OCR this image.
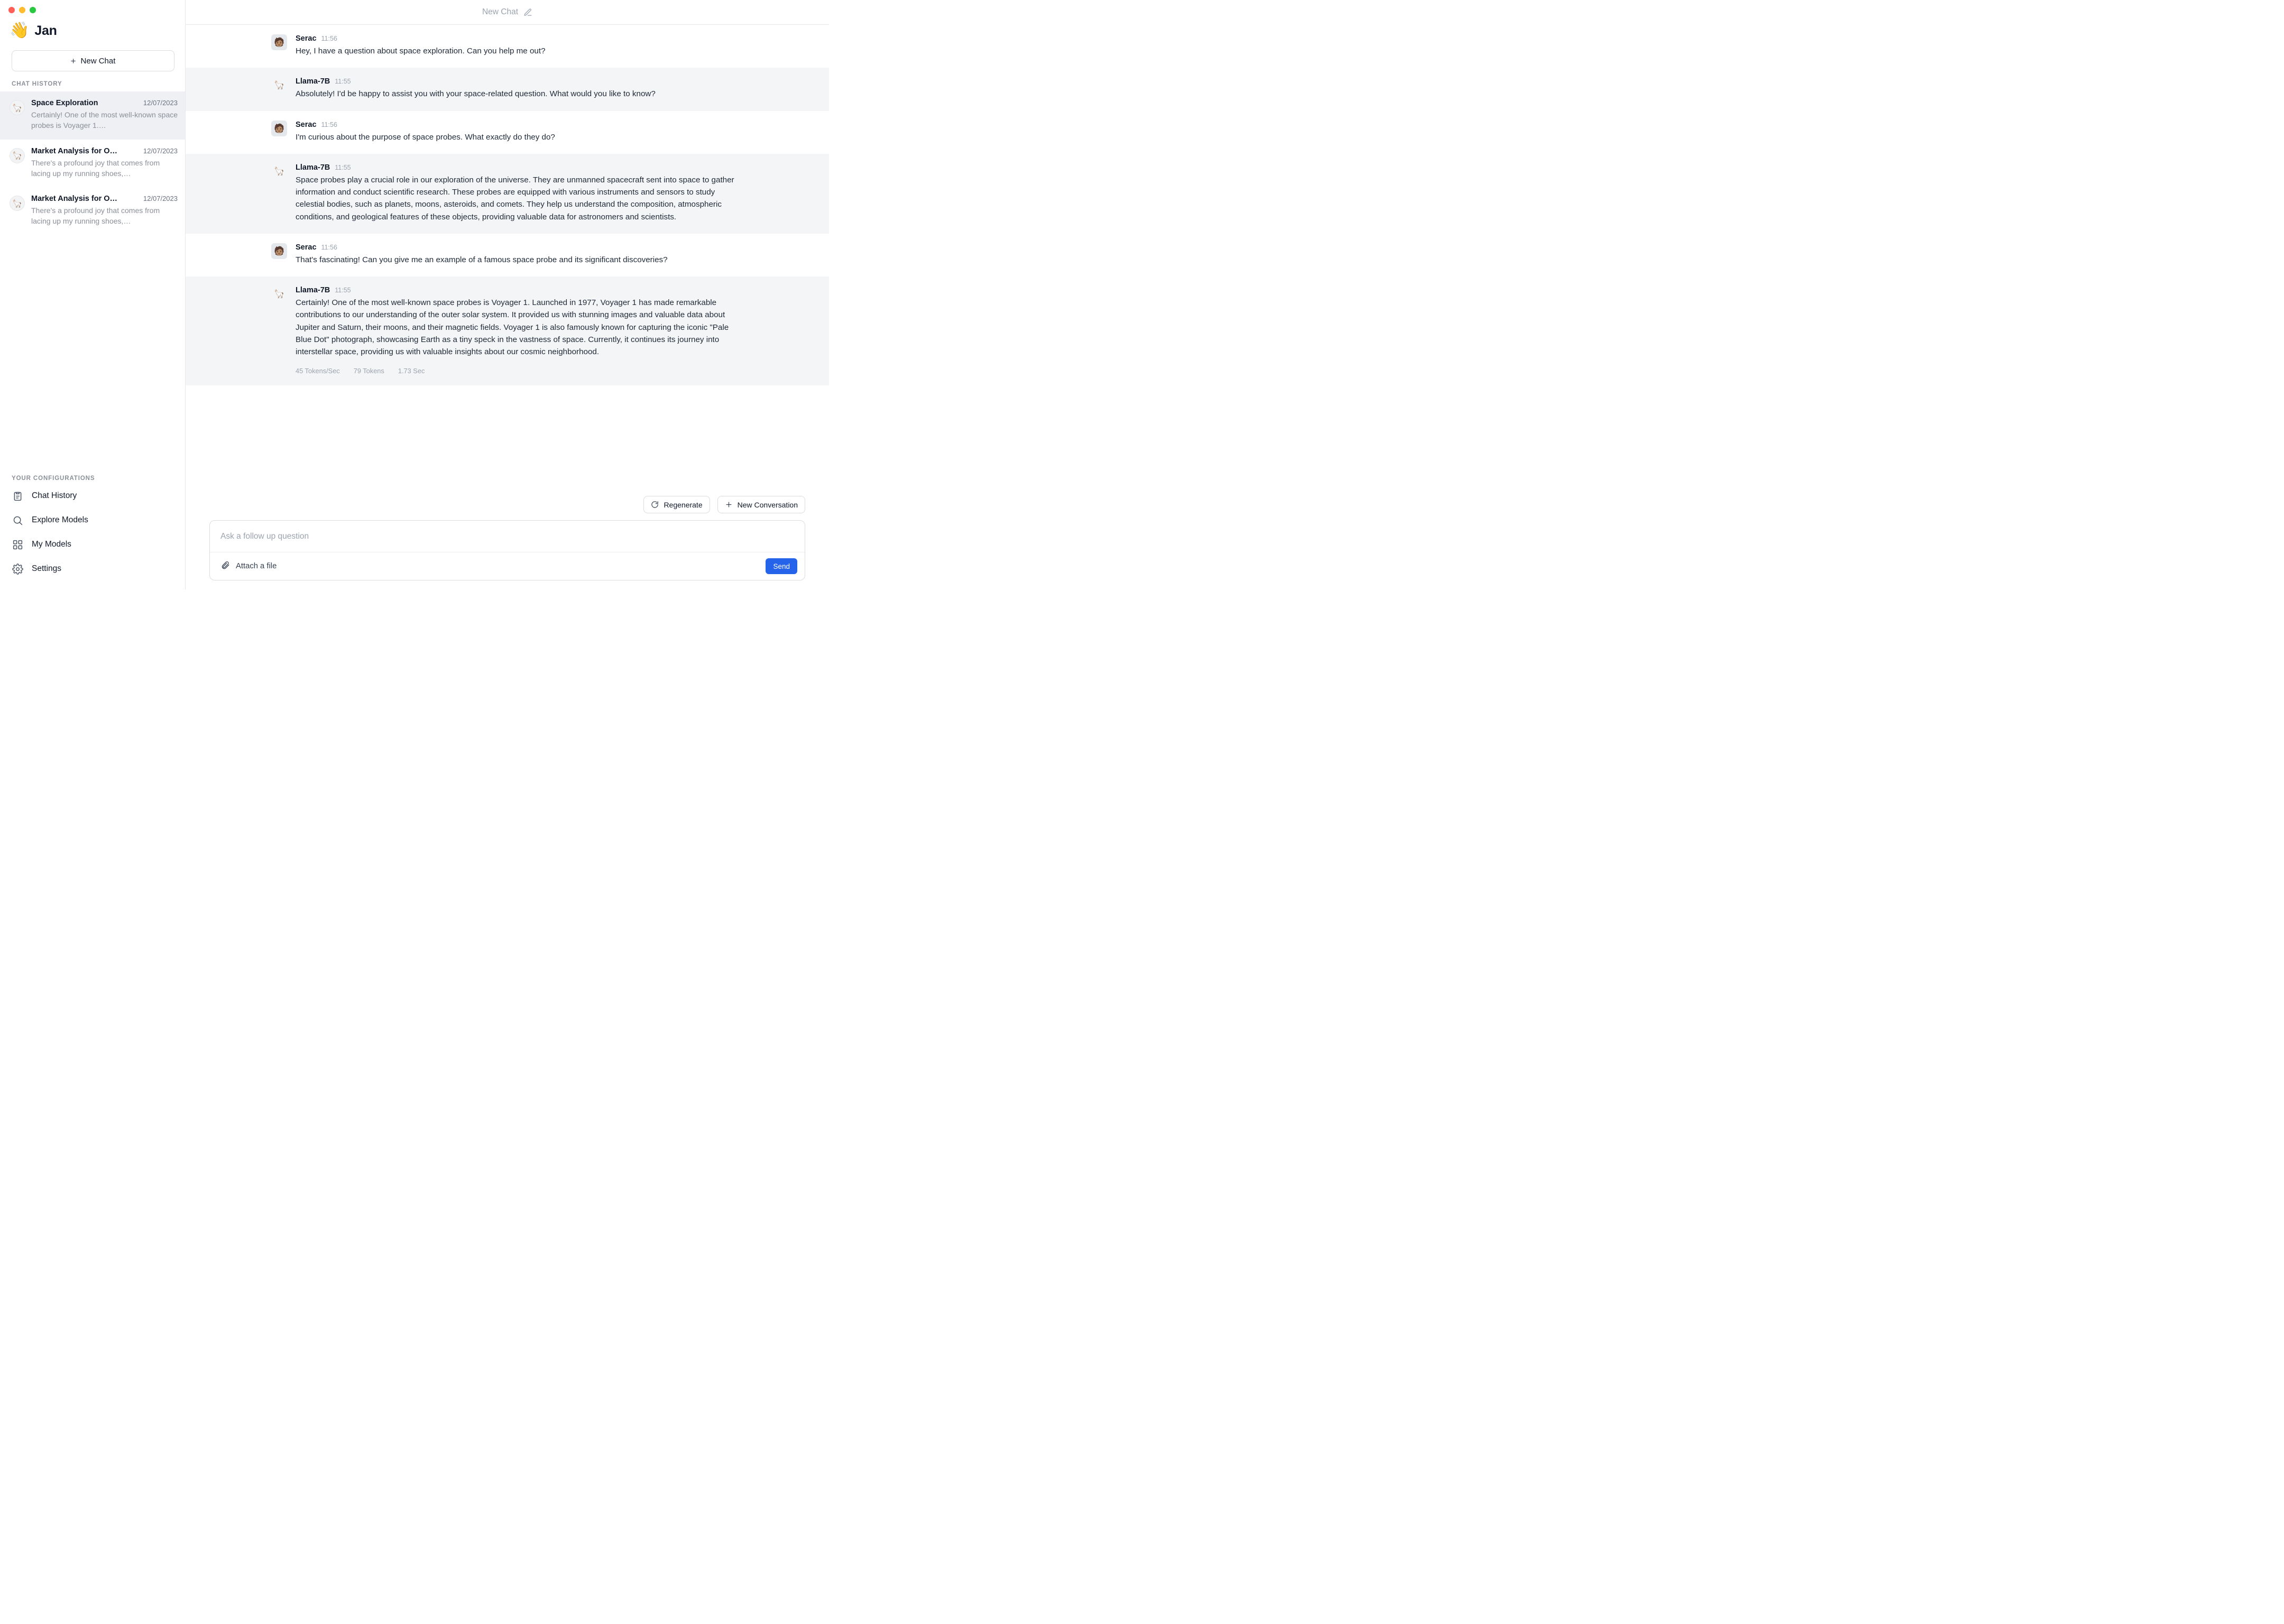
👋 Jan
+ New Chat
CHAT HISTORY
🦙
Space Exploration	12/07/2023
Certainly! One of the most well-known space probes is Voyager 1.…
🦙
Market Analysis for O…	12/07/2023
There's a profound joy that comes from lacing up my running shoes,…
🦙
Market Analysis for O…	12/07/2023
There's a profound joy that comes from lacing up my running shoes,…
YOUR CONFIGURATIONS
Chat History
Explore Models
My Models
Settings
New Chat
🧑🏽	Serac 11:56
Hey, I have a question about space exploration. Can you help me out?
🦙	Llama-7B 11:55
Absolutely! I'd be happy to assist you with your space-related question. What would you like to know?
🧑🏽	Serac 11:56
I'm curious about the purpose of space probes. What exactly do they do?
🦙	Llama-7B 11:55
Space probes play a crucial role in our exploration of the universe. They are unmanned spacecraft sent into space to gather information and conduct scientific research. These probes are equipped with various instruments and sensors to study celestial bodies, such as planets, moons, asteroids, and comets. They help us understand the composition, atmospheric conditions, and geological features of these objects, providing valuable data for astronomers and scientists.
🧑🏽	Serac 11:56
That's fascinating! Can you give me an example of a famous space probe and its significant discoveries?
🦙	Llama-7B 11:55
Certainly! One of the most well-known space probes is Voyager 1. Launched in 1977, Voyager 1 has made remarkable contributions to our understanding of the outer solar system. It provided us with stunning images and valuable data about Jupiter and Saturn, their moons, and their magnetic fields. Voyager 1 is also famously known for capturing the iconic "Pale Blue Dot" photograph, showcasing Earth as a tiny speck in the vastness of space. Currently, it continues its journey into interstellar space, providing us with valuable insights about our cosmic neighborhood.
45 Tokens/Sec 79 Tokens 1.73 Sec
Regenerate	New Conversation
Ask a follow up question
Attach a file	Send
